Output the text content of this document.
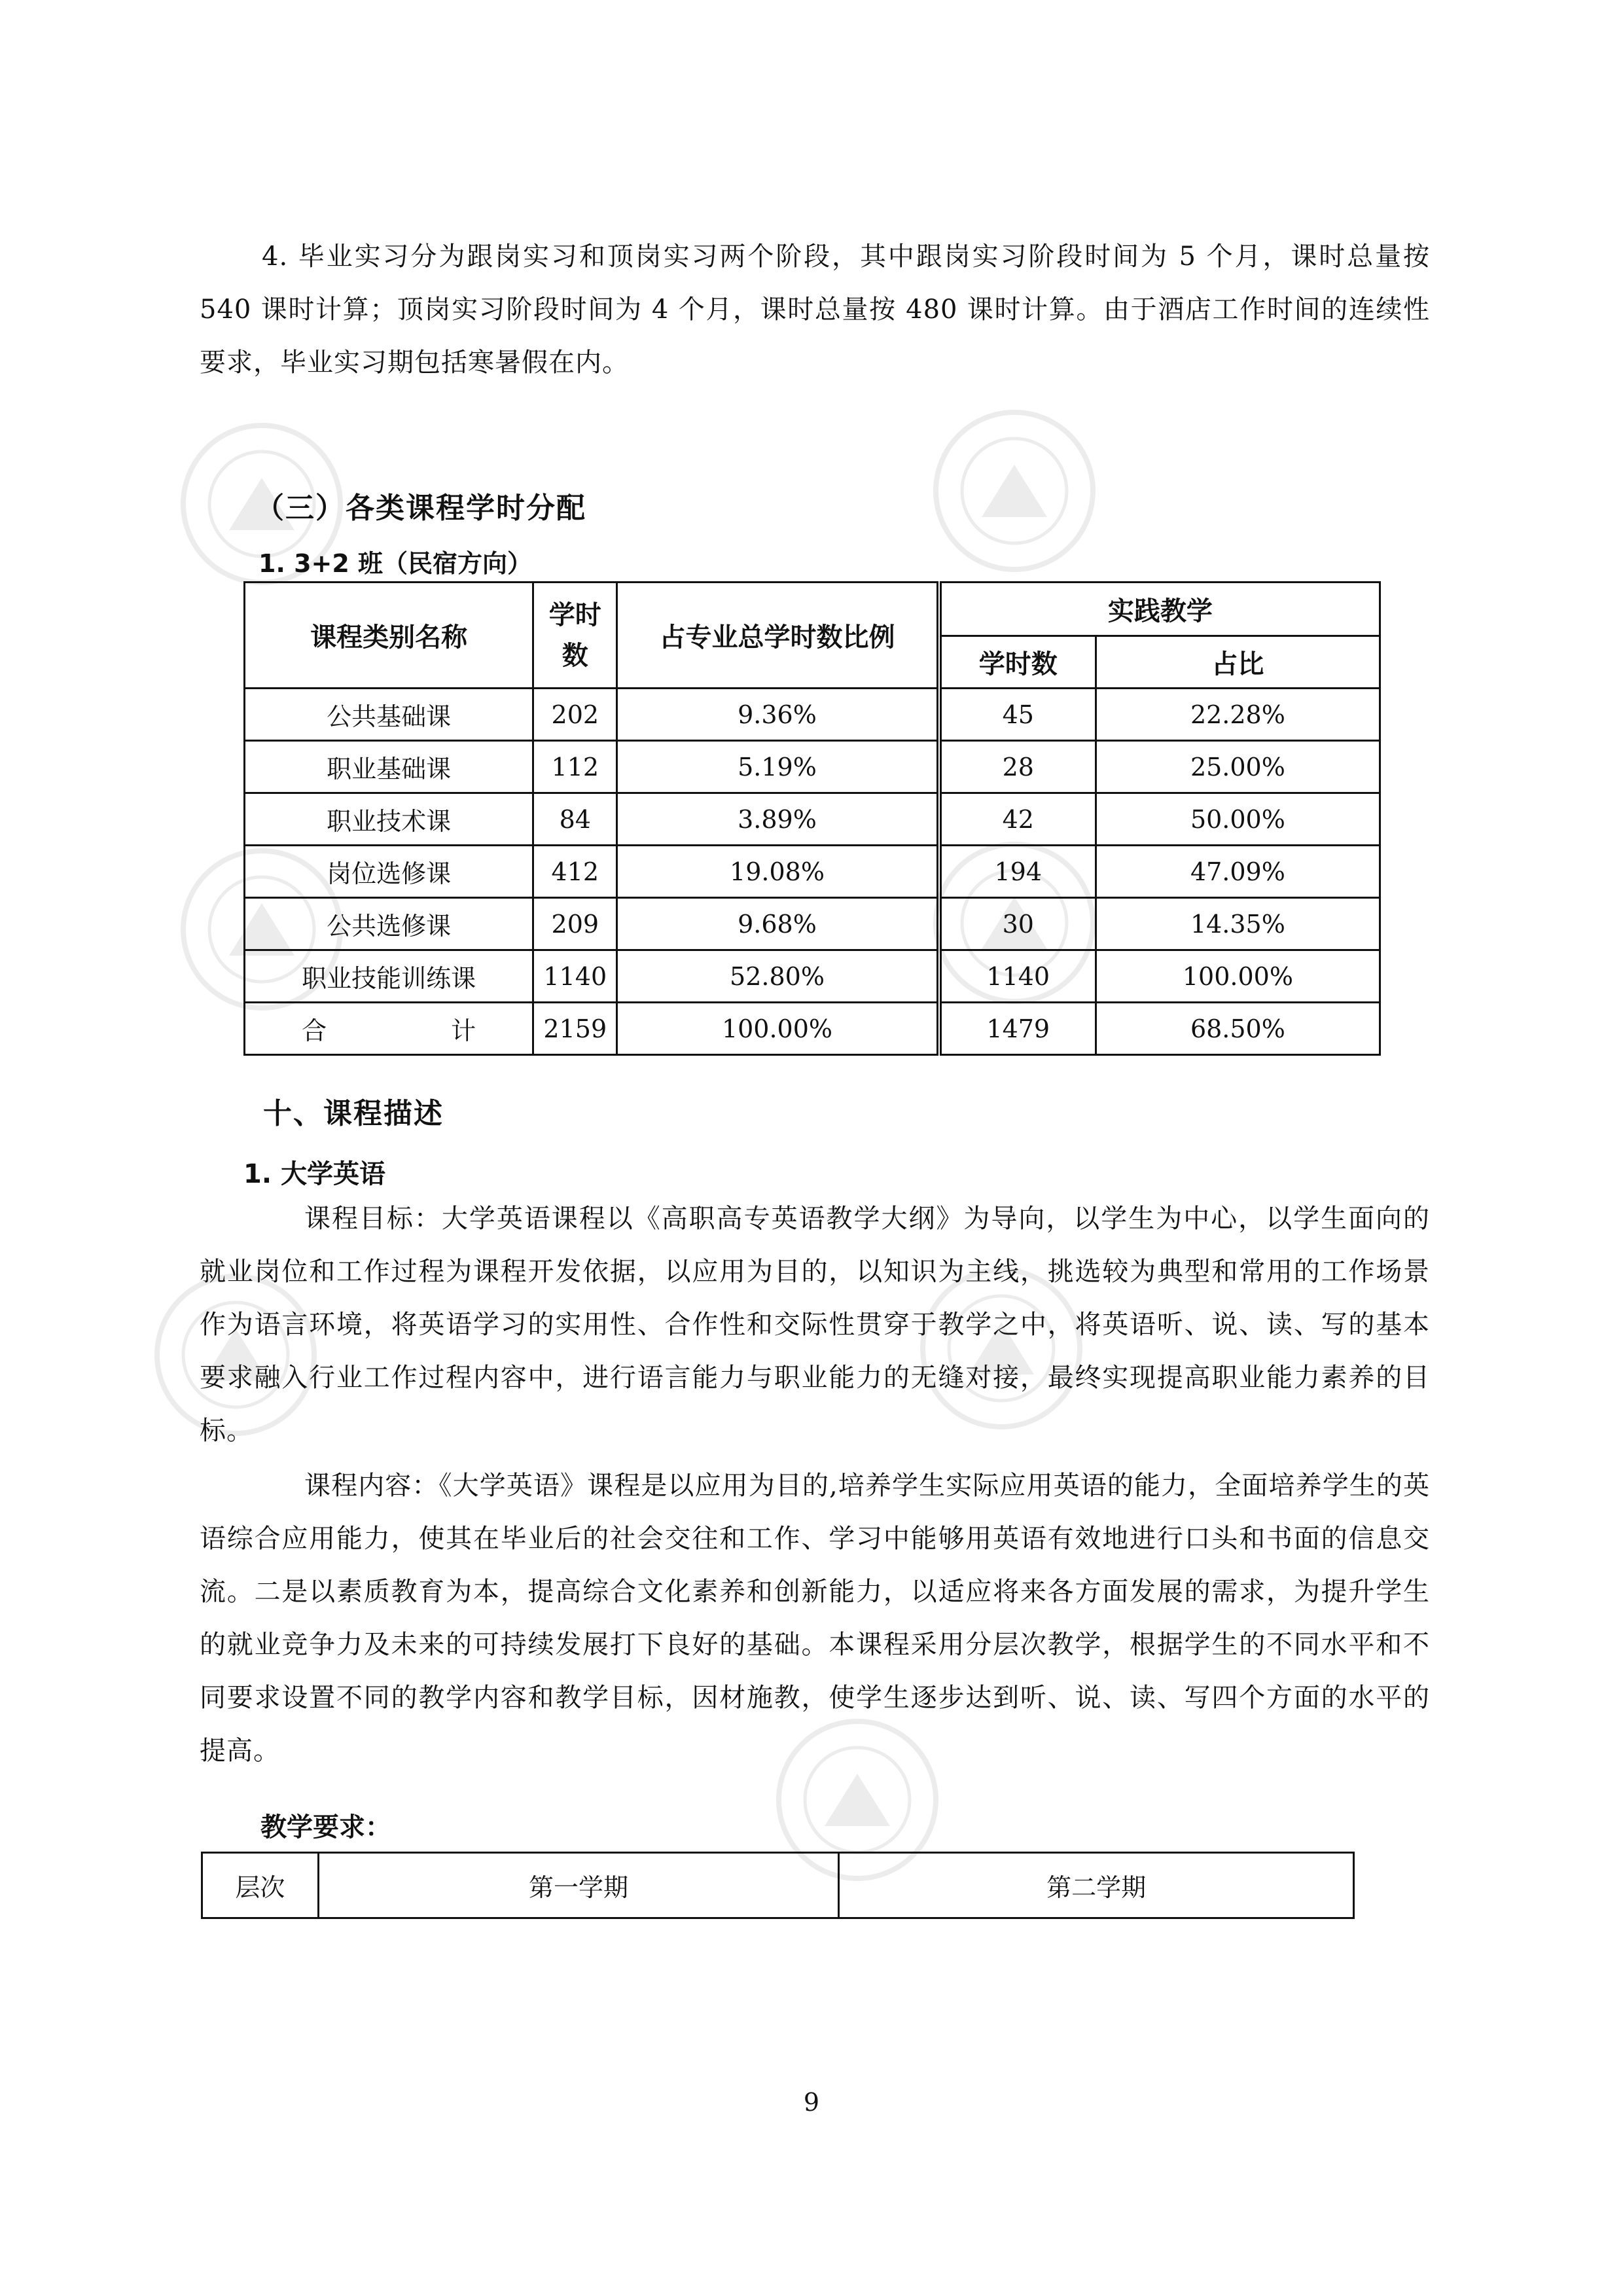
4. 毕业实习分为跟岗实习和顶岗实习两个阶段，其中跟岗实习阶段时间为 5 个月，课时总量按 540 课时计算；顶岗实习阶段时间为 4 个月，课时总量按 480 课时计算。由于酒店工作时间的连续性要求，毕业实习期包括寒暑假在内。
（三）各类课程学时分配
1. 3+2 班（民宿方向）
课程类别名称	学时数	占专业总学时数比例	实践教学	
			学时数	占比
公共基础课	202	9.36%	45	22.28%
职业基础课	112	5.19%	28	25.00%
职业技术课	84	3.89%	42	50.00%
岗位选修课	412	19.08%	194	47.09%
公共选修课	209	9.68%	30	14.35%
职业技能训练课	1140	52.80%	1140	100.00%
合 计	2159	100.00%	1479	68.50%
十、课程描述
1. 大学英语
课程目标：大学英语课程以《高职高专英语教学大纲》为导向，以学生为中心，以学生面向的就业岗位和工作过程为课程开发依据，以应用为目的，以知识为主线，挑选较为典型和常用的工作场景作为语言环境，将英语学习的实用性、合作性和交际性贯穿于教学之中，将英语听、说、读、写的基本要求融入行业工作过程内容中，进行语言能力与职业能力的无缝对接，最终实现提高职业能力素养的目标。
课程内容：《大学英语》课程是以应用为目的,培养学生实际应用英语的能力，全面培养学生的英语综合应用能力，使其在毕业后的社会交往和工作、学习中能够用英语有效地进行口头和书面的信息交流。二是以素质教育为本，提高综合文化素养和创新能力，以适应将来各方面发展的需求，为提升学生的就业竞争力及未来的可持续发展打下良好的基础。本课程采用分层次教学，根据学生的不同水平和不同要求设置不同的教学内容和教学目标，因材施教，使学生逐步达到听、说、读、写四个方面的水平的提高。
教学要求：
层次	第一学期	第二学期
9
